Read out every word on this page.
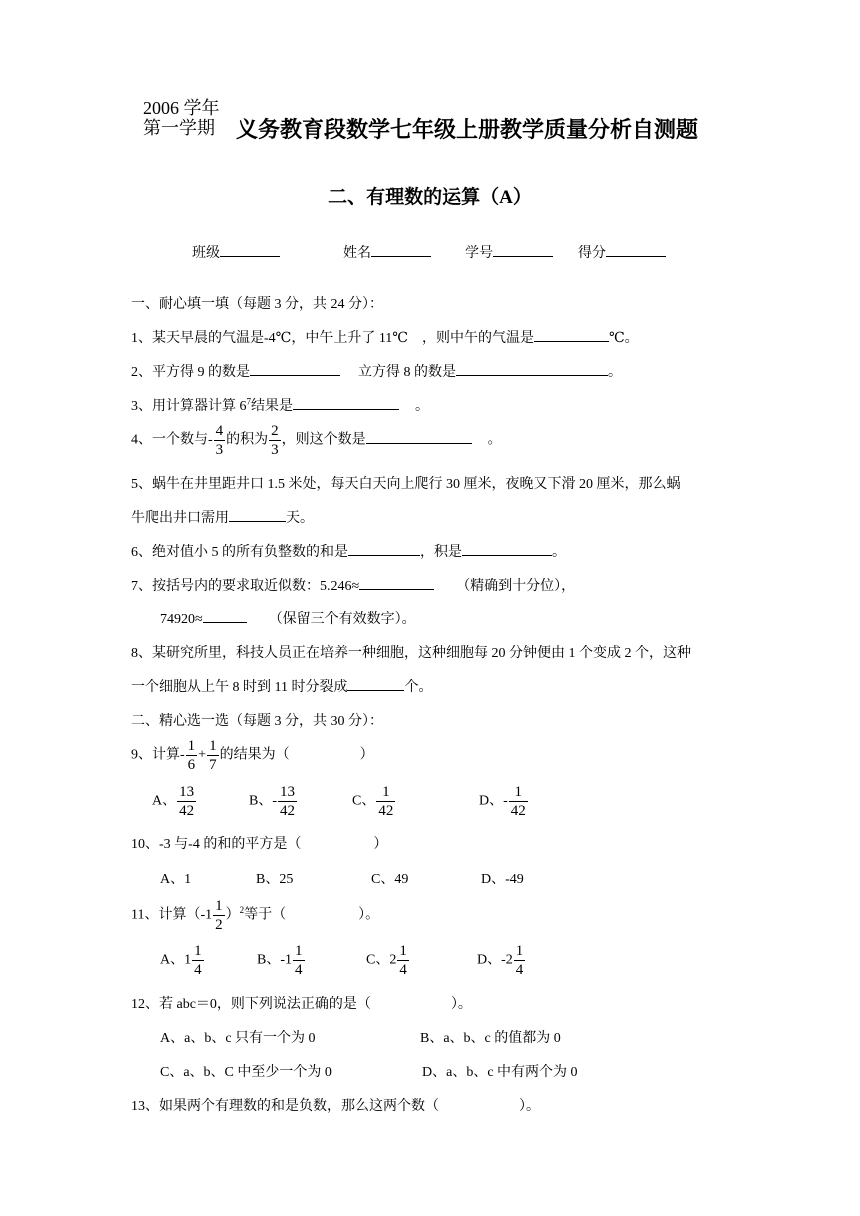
2006 学年
第一学期 义务教育段数学七年级上册教学质量分析自测题
二、有理数的运算（A）
班级	姓名	学号	得分
一、耐心填一填（每题 3 分，共 24 分）：
1、某天早晨的气温是-4℃，中午上升了 11℃　，则中午的气温是	℃。
2、平方得 9 的数是	立方得 8 的数是	。
3、用计算器计算 $6^7$结果是	。
4、一个数与- $\frac{4}{3}$ 的积为 $\frac{2}{3}$ ，则这个数是	。
5、蜗牛在井里距井口 1.5 米处，每天白天向上爬行 30 厘米，夜晚又下滑 20 厘米，那么蜗
牛爬出井口需用	天。
6、绝对值小 5 的所有负整数的和是	，积是	。
7、按括号内的要求取近似数：5.246≈	（精确到十分位），
74920≈	（保留三个有效数字）。
8、某研究所里，科技人员正在培养一种细胞，这种细胞每 20 分钟便由 1 个变成 2 个，这种
一个细胞从上午 8 时到 11 时分裂成	个。
二、精心选一选（每题 3 分，共 30 分）：
9、计算- $\frac{1}{6} + \frac{1}{7}$ 的结果为（	）
A、 $\frac{13}{42}$	B、- $\frac{13}{42}$	C、 $\frac{1}{42}$	D、- $\frac{1}{42}$
10、-3 与-4 的和的平方是（	）
A、1	B、25	C、49	D、-49
11、计算$(-1 \frac{1}{2} )^2$等于（	）。
A、$1 \frac{1}{4}$	B、$-1 \frac{1}{4}$	C、$2 \frac{1}{4}$	D、$-2 \frac{1}{4}$
12、若 abc＝0，则下列说法正确的是（	）。
A、a、b、c 只有一个为 0	B、a、b、c 的值都为 0
C、a、b、C 中至少一个为 0	D、a、b、c 中有两个为 0
13、如果两个有理数的和是负数，那么这两个数（	）。
